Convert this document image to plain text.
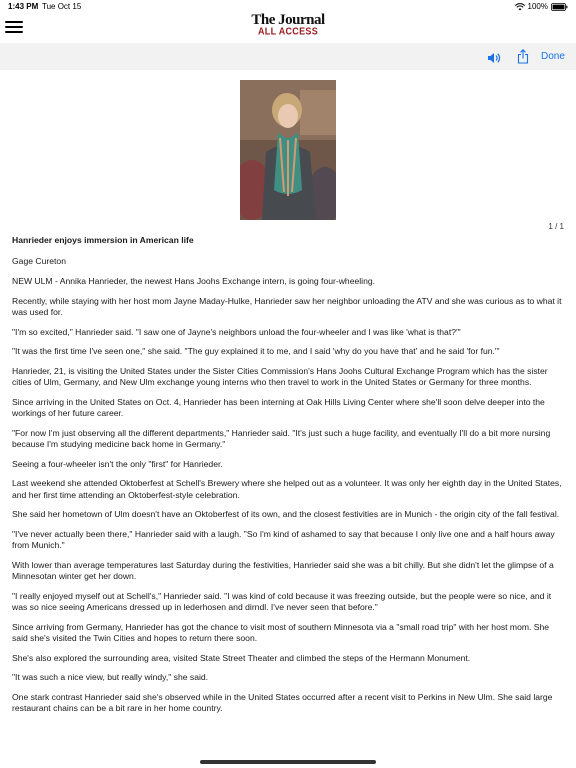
1:43 PM Tue Oct 15	100%
The Journal
ALL ACCESS
Done
1 / 1

Hanrieder enjoys immersion in American life

Gage Cureton

NEW ULM - Annika Hanrieder, the newest Hans Joohs Exchange intern, is going four-wheeling.

Recently, while staying with her host mom Jayne Maday-Hulke, Hanrieder saw her neighbor unloading the ATV and she was curious as to what it was used for.

"I'm so excited," Hanrieder said. "I saw one of Jayne's neighbors unload the four-wheeler and I was like 'what is that?'"

"It was the first time I've seen one," she said. "The guy explained it to me, and I said 'why do you have that' and he said 'for fun.'"

Hanrieder, 21, is visiting the United States under the Sister Cities Commission's Hans Joohs Cultural Exchange Program which has the sister cities of Ulm, Germany, and New Ulm exchange young interns who then travel to work in the United States or Germany for three months.

Since arriving in the United States on Oct. 4, Hanrieder has been interning at Oak Hills Living Center where she'll soon delve deeper into the workings of her future career.

"For now I'm just observing all the different departments," Hanrieder said. "It's just such a huge facility, and eventually I'll do a bit more nursing because I'm studying medicine back home in Germany."

Seeing a four-wheeler isn't the only "first" for Hanrieder.

Last weekend she attended Oktoberfest at Schell's Brewery where she helped out as a volunteer. It was only her eighth day in the United States, and her first time attending an Oktoberfest-style celebration.

She said her hometown of Ulm doesn't have an Oktoberfest of its own, and the closest festivities are in Munich - the origin city of the fall festival.

"I've never actually been there," Hanrieder said with a laugh. "So I'm kind of ashamed to say that because I only live one and a half hours away from Munich."

With lower than average temperatures last Saturday during the festivities, Hanrieder said she was a bit chilly. But she didn't let the glimpse of a Minnesotan winter get her down.

"I really enjoyed myself out at Schell's," Hanrieder said. "I was kind of cold because it was freezing outside, but the people were so nice, and it was so nice seeing Americans dressed up in lederhosen and dirndl. I've never seen that before."

Since arriving from Germany, Hanrieder has got the chance to visit most of southern Minnesota via a "small road trip" with her host mom. She said she's visited the Twin Cities and hopes to return there soon.

She's also explored the surrounding area, visited State Street Theater and climbed the steps of the Hermann Monument.

"It was such a nice view, but really windy," she said.

One stark contrast Hanrieder said she's observed while in the United States occurred after a recent visit to Perkins in New Ulm. She said large restaurant chains can be a bit rare in her home country.
